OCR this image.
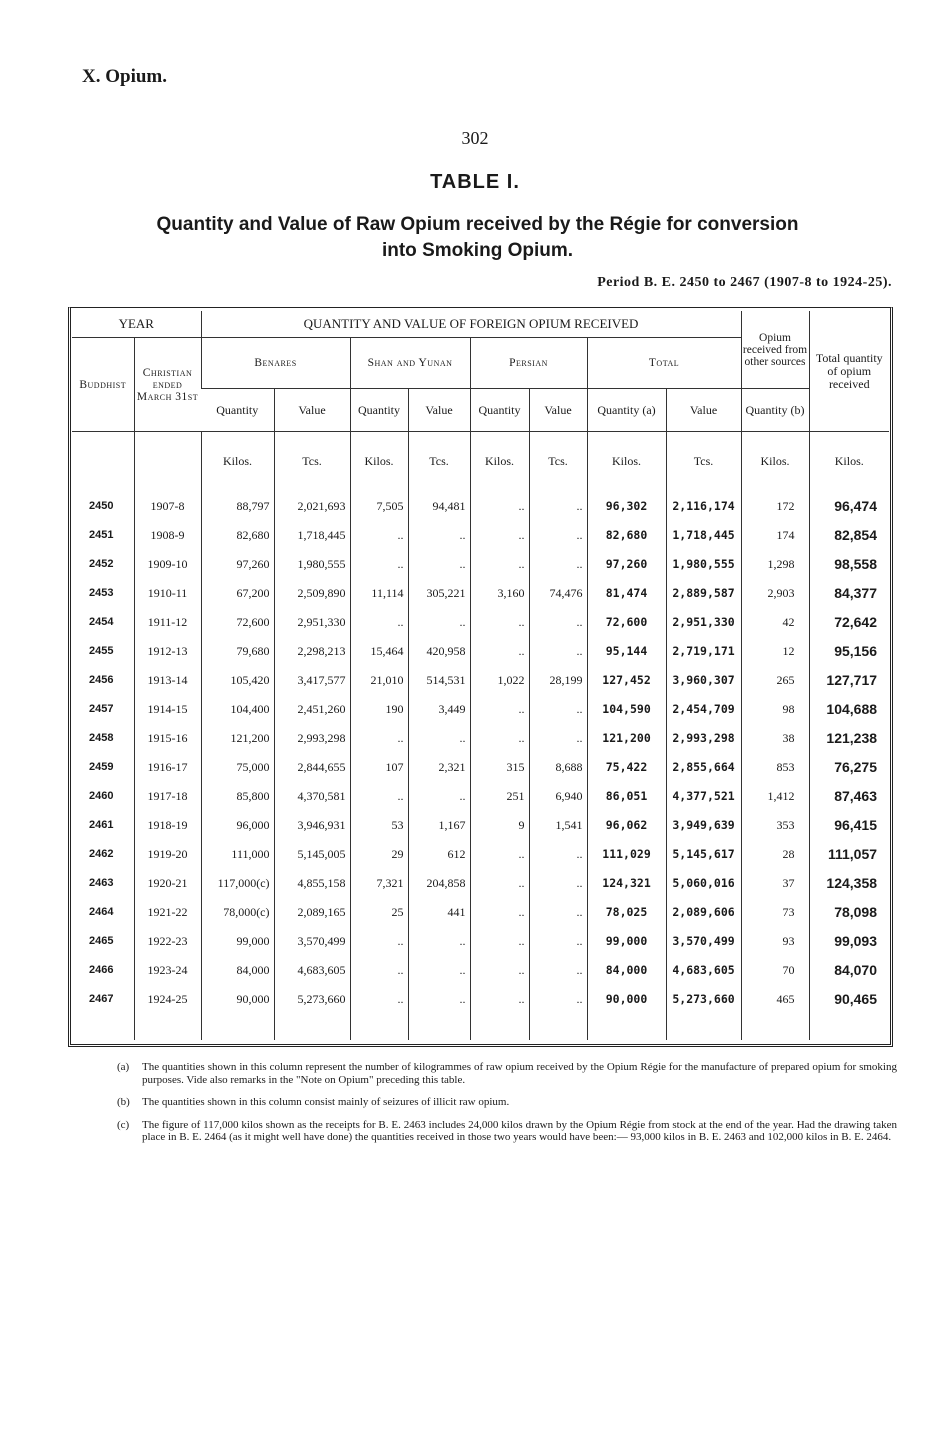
X. Opium.
302
TABLE I.
Quantity and Value of Raw Opium received by the Régie for conversion
into Smoking Opium.
Period B. E. 2450 to 2467 (1907-8 to 1924-25).
YEAR		QUANTITY AND VALUE OF FOREIGN OPIUM RECEIVED								Opium received from other sources	Total quantity of opium received
Buddhist	Christian ended March 31st	Benares		Shan and Yunan		Persian		Total			
		Quantity	Value	Quantity	Value	Quantity	Value	Quantity (a)	Value	Quantity (b)	
		Kilos.	Tcs.	Kilos.	Tcs.	Kilos.	Tcs.	Kilos.	Tcs.	Kilos.	Kilos.
2450	1907-8	88,797	2,021,693	7,505	94,481	..	..	96,302	2,116,174	172	96,474
2451	1908-9	82,680	1,718,445	..	..	..	..	82,680	1,718,445	174	82,854
2452	1909-10	97,260	1,980,555	..	..	..	..	97,260	1,980,555	1,298	98,558
2453	1910-11	67,200	2,509,890	11,114	305,221	3,160	74,476	81,474	2,889,587	2,903	84,377
2454	1911-12	72,600	2,951,330	..	..	..	..	72,600	2,951,330	42	72,642
2455	1912-13	79,680	2,298,213	15,464	420,958	..	..	95,144	2,719,171	12	95,156
2456	1913-14	105,420	3,417,577	21,010	514,531	1,022	28,199	127,452	3,960,307	265	127,717
2457	1914-15	104,400	2,451,260	190	3,449	..	..	104,590	2,454,709	98	104,688
2458	1915-16	121,200	2,993,298	..	..	..	..	121,200	2,993,298	38	121,238
2459	1916-17	75,000	2,844,655	107	2,321	315	8,688	75,422	2,855,664	853	76,275
2460	1917-18	85,800	4,370,581	..	..	251	6,940	86,051	4,377,521	1,412	87,463
2461	1918-19	96,000	3,946,931	53	1,167	9	1,541	96,062	3,949,639	353	96,415
2462	1919-20	111,000	5,145,005	29	612	..	..	111,029	5,145,617	28	111,057
2463	1920-21	117,000(c)	4,855,158	7,321	204,858	..	..	124,321	5,060,016	37	124,358
2464	1921-22	78,000(c)	2,089,165	25	441	..	..	78,025	2,089,606	73	78,098
2465	1922-23	99,000	3,570,499	..	..	..	..	99,000	3,570,499	93	99,093
2466	1923-24	84,000	4,683,605	..	..	..	..	84,000	4,683,605	70	84,070
2467	1924-25	90,000	5,273,660	..	..	..	..	90,000	5,273,660	465	90,465

(a) The quantities shown in this column represent the number of kilogrammes of raw opium received by the Opium Régie for the manufacture of prepared opium for smoking purposes. Vide also remarks in the "Note on Opium" preceding this table.
(b) The quantities shown in this column consist mainly of seizures of illicit raw opium.
(c) The figure of 117,000 kilos shown as the receipts for B. E. 2463 includes 24,000 kilos drawn by the Opium Régie from stock at the end of the year. Had the drawing taken place in B. E. 2464 (as it might well have done) the quantities received in those two years would have been:— 93,000 kilos in B. E. 2463 and 102,000 kilos in B. E. 2464.
